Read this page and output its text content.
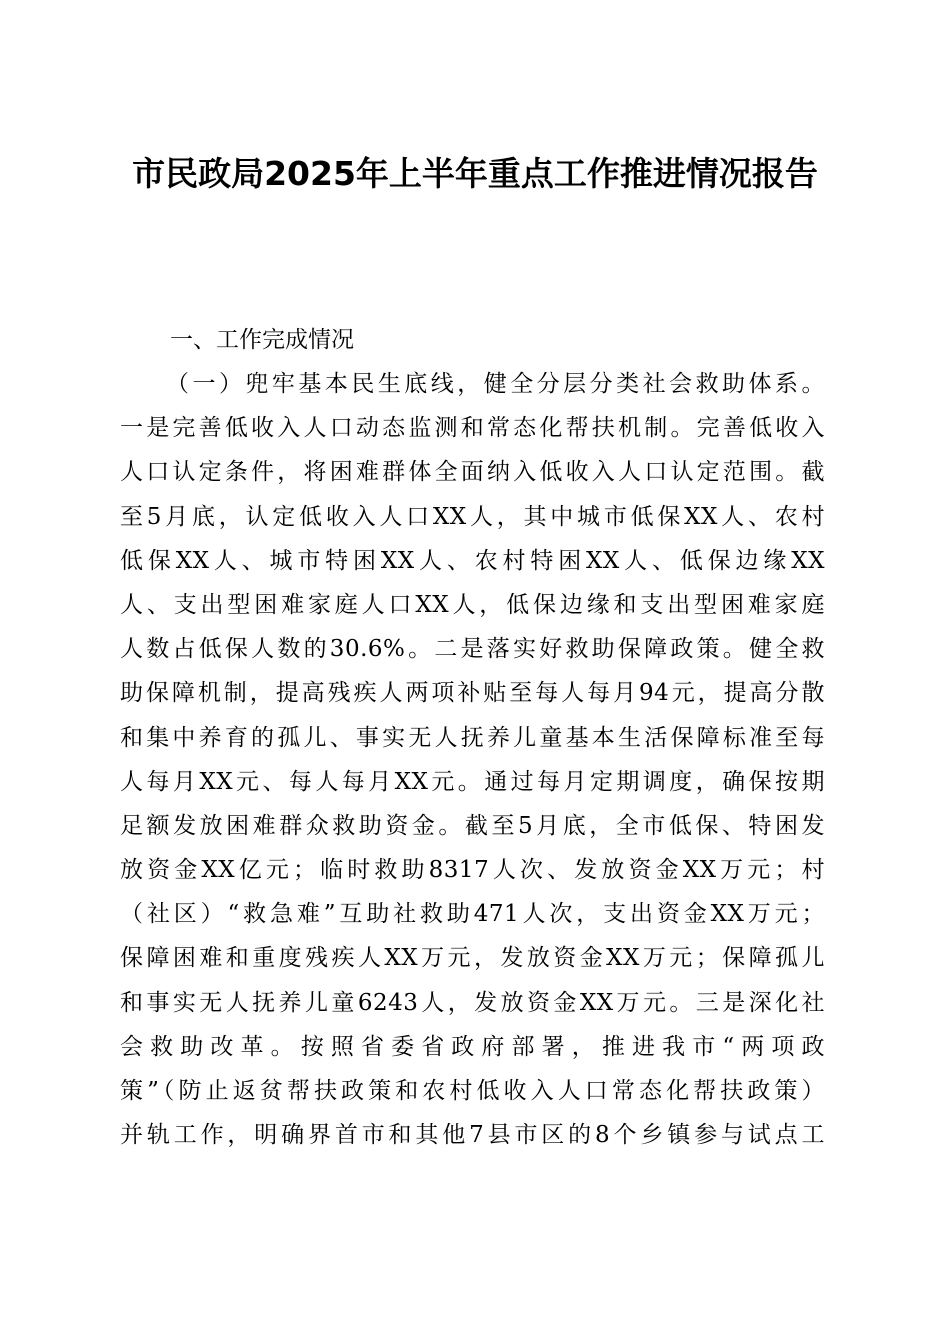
市民政局2025年上半年重点工作推进情况报告
一、工作完成情况
（一）兜牢基本民生底线，健全分层分类社会救助体系。
一是完善低收入人口动态监测和常态化帮扶机制。完善低收入
人口认定条件，将困难群体全面纳入低收入人口认定范围。截
至5月底，认定低收入人口XX人，其中城市低保XX人、农村
低保XX人、城市特困XX人、农村特困XX人、低保边缘XX
人、支出型困难家庭人口XX人，低保边缘和支出型困难家庭
人数占低保人数的30.6%。二是落实好救助保障政策。健全救
助保障机制，提高残疾人两项补贴至每人每月94元，提高分散
和集中养育的孤儿、事实无人抚养儿童基本生活保障标准至每
人每月XX元、每人每月XX元。通过每月定期调度，确保按期
足额发放困难群众救助资金。截至5月底，全市低保、特困发
放资金XX亿元；临时救助8317人次、发放资金XX万元；村
（社区）“救急难”互助社救助471人次，支出资金XX万元；
保障困难和重度残疾人XX万元，发放资金XX万元；保障孤儿
和事实无人抚养儿童6243人，发放资金XX万元。三是深化社
会救助改革。按照省委省政府部署，推进我市“两项政
策”（防止返贫帮扶政策和农村低收入人口常态化帮扶政策）
并轨工作，明确界首市和其他7县市区的8个乡镇参与试点工
